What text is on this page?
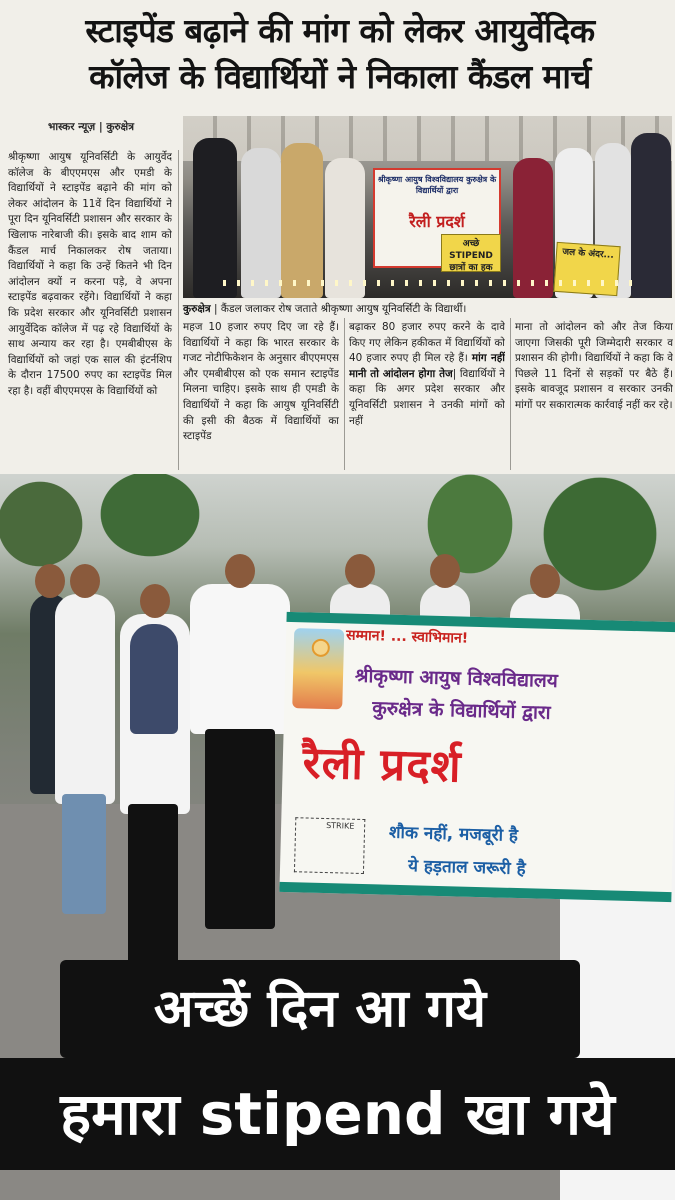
स्टाइपेंड बढ़ाने की मांग को लेकर आयुर्वेदिक
कॉलेज के विद्यार्थियों ने निकाला कैंडल मार्च
भास्कर न्यूज़ | कुरुक्षेत्र
श्रीकृष्णा आयुष विश्वविद्यालय कुरुक्षेत्र के विद्यार्थियों द्वारा
रैली प्रदर्श
अच्छे STIPEND छात्रों का हक
जल के अंदर...
कुरुक्षेत्र | कैंडल जलाकर रोष जताते श्रीकृष्णा आयुष यूनिवर्सिटी के विद्यार्थी।
श्रीकृष्णा आयुष यूनिवर्सिटी के आयुर्वेद कॉलेज के बीएएमएस और एमडी के विद्यार्थियों ने स्टाइपेंड बढ़ाने की मांग को लेकर आंदोलन के 11वें दिन विद्यार्थियों ने पूरा दिन यूनिवर्सिटी प्रशासन और सरकार के खिलाफ नारेबाजी की। इसके बाद शाम को कैंडल मार्च निकालकर रोष जताया। विद्यार्थियों ने कहा कि उन्हें कितने भी दिन आंदोलन क्यों न करना पड़े, वे अपना स्टाइपेंड बढ़वाकर रहेंगे। विद्यार्थियों ने कहा कि प्रदेश सरकार और यूनिवर्सिटी प्रशासन आयुर्वेदिक कॉलेज में पढ़ रहे विद्यार्थियों के साथ अन्याय कर रहा है। एमबीबीएस के विद्यार्थियों को जहां एक साल की इंटर्नशिप के दौरान 17500 रुपए का स्टाइपेंड मिल रहा है। वहीं बीएएमएस के विद्यार्थियों को
महज 10 हजार रुपए दिए जा रहे हैं। विद्यार्थियों ने कहा कि भारत सरकार के गजट नोटीफिकेशन के अनुसार बीएएमएस और एमबीबीएस को एक समान स्टाइपेंड मिलना चाहिए। इसके साथ ही एमडी के विद्यार्थियों ने कहा कि आयुष यूनिवर्सिटी की इसी की बैठक में विद्यार्थियों का स्टाइपेंड
बढ़ाकर 80 हजार रुपए करने के दावे किए गए लेकिन हकीकत में विद्यार्थियों को 40 हजार रुपए ही मिल रहे हैं। मांग नहीं मानी तो आंदोलन होगा तेज| विद्यार्थियों ने कहा कि अगर प्रदेश सरकार और यूनिवर्सिटी प्रशासन ने उनकी मांगों को नहीं
माना तो आंदोलन को और तेज किया जाएगा जिसकी पूरी जिम्मेदारी सरकार व प्रशासन की होगी। विद्यार्थियों ने कहा कि वे पिछले 11 दिनों से सड़कों पर बैठे हैं। इसके बावजूद प्रशासन व सरकार उनकी मांगों पर सकारात्मक कार्रवाई नहीं कर रहे।
सम्मान! ... स्वाभिमान!
श्रीकृष्णा आयुष विश्वविद्यालय
कुरुक्षेत्र के विद्यार्थियों द्वारा
रैली प्रदर्श
STRIKE शौक नहीं, मजबूरी है
ये हड़ताल जरूरी है
अच्छें दिन आ गये
हमारा stipend खा गये
